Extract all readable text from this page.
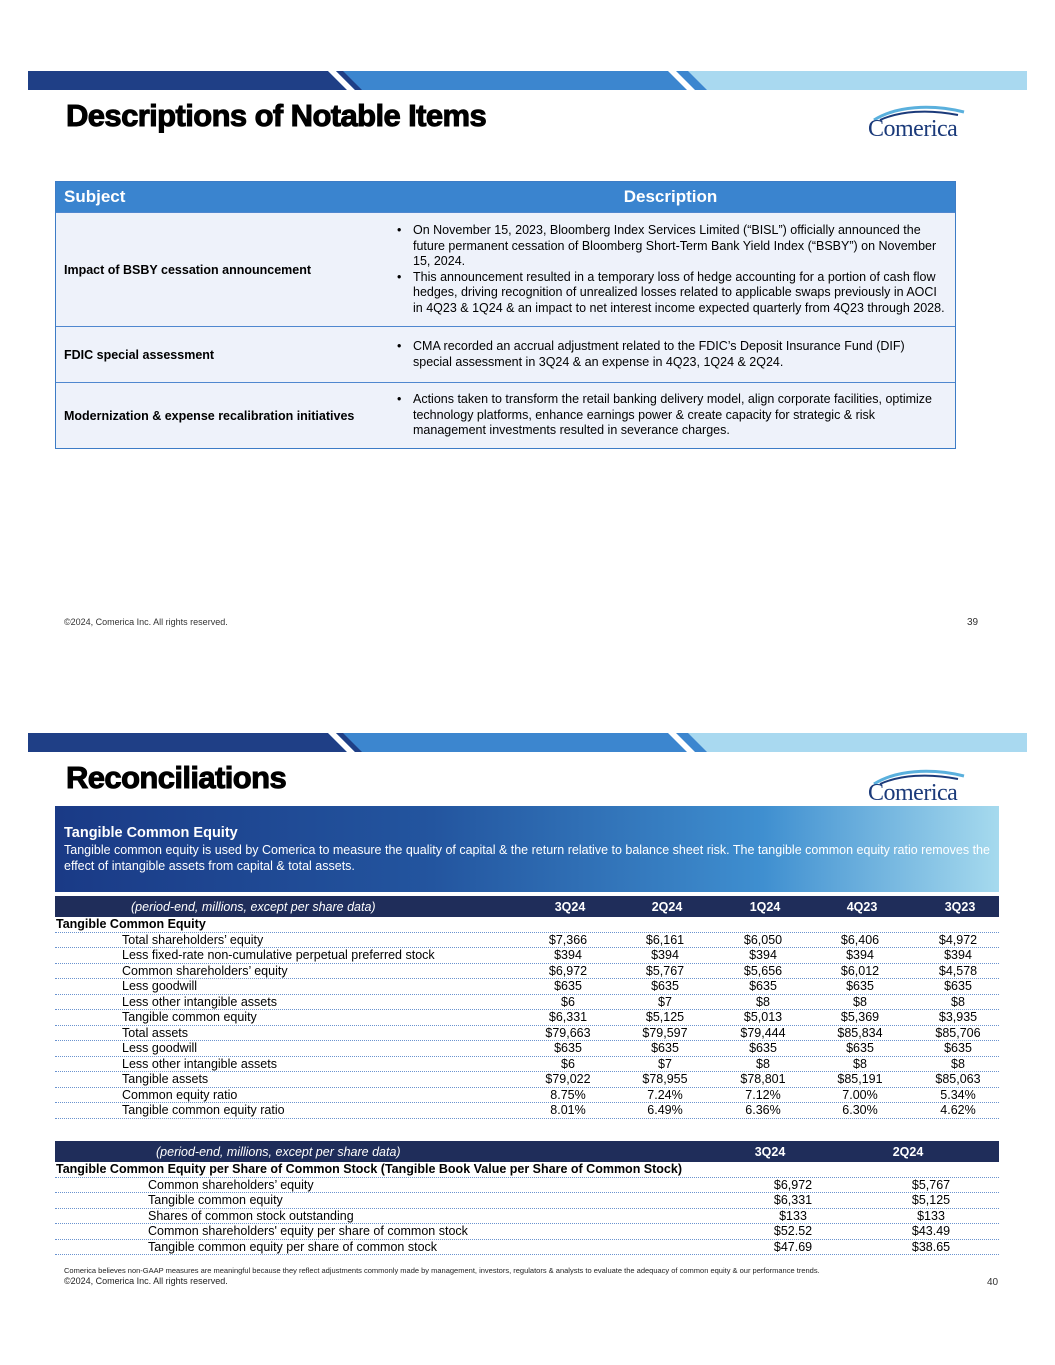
Descriptions of Notable Items	Comerica
Subject	Description
Impact of BSBY cessation announcement
• On November 15, 2023, Bloomberg Index Services Limited (“BISL”) officially announced the future permanent cessation of Bloomberg Short-Term Bank Yield Index (“BSBY”) on November 15, 2024.
• This announcement resulted in a temporary loss of hedge accounting for a portion of cash flow hedges, driving recognition of unrealized losses related to applicable swaps previously in AOCI in 4Q23 & 1Q24 & an impact to net interest income expected quarterly from 4Q23 through 2028.
FDIC special assessment
• CMA recorded an accrual adjustment related to the FDIC’s Deposit Insurance Fund (DIF) special assessment in 3Q24 & an expense in 4Q23, 1Q24 & 2Q24.
Modernization & expense recalibration initiatives
• Actions taken to transform the retail banking delivery model, align corporate facilities, optimize technology platforms, enhance earnings power & create capacity for strategic & risk management investments resulted in severance charges.
©2024, Comerica Inc. All rights reserved.	39
Reconciliations	Comerica
Tangible Common Equity
Tangible common equity is used by Comerica to measure the quality of capital & the return relative to balance sheet risk. The tangible common equity ratio removes the effect of intangible assets from capital & total assets.
(period-end, millions, except per share data)	3Q24	2Q24	1Q24	4Q23	3Q23
Tangible Common Equity
Total shareholders’ equity	$7,366	$6,161	$6,050	$6,406	$4,972
Less fixed-rate non-cumulative perpetual preferred stock	$394	$394	$394	$394	$394
Common shareholders’ equity	$6,972	$5,767	$5,656	$6,012	$4,578
Less goodwill	$635	$635	$635	$635	$635
Less other intangible assets	$6	$7	$8	$8	$8
Tangible common equity	$6,331	$5,125	$5,013	$5,369	$3,935
Total assets	$79,663	$79,597	$79,444	$85,834	$85,706
Less goodwill	$635	$635	$635	$635	$635
Less other intangible assets	$6	$7	$8	$8	$8
Tangible assets	$79,022	$78,955	$78,801	$85,191	$85,063
Common equity ratio	8.75%	7.24%	7.12%	7.00%	5.34%
Tangible common equity ratio	8.01%	6.49%	6.36%	6.30%	4.62%
(period-end, millions, except per share data)	3Q24	2Q24
Tangible Common Equity per Share of Common Stock (Tangible Book Value per Share of Common Stock)
Common shareholders’ equity	$6,972	$5,767
Tangible common equity	$6,331	$5,125
Shares of common stock outstanding	$133	$133
Common shareholders' equity per share of common stock	$52.52	$43.49
Tangible common equity per share of common stock	$47.69	$38.65
Comerica believes non-GAAP measures are meaningful because they reflect adjustments commonly made by management, investors, regulators & analysts to evaluate the adequacy of common equity & our performance trends.
©2024, Comerica Inc. All rights reserved.	40
